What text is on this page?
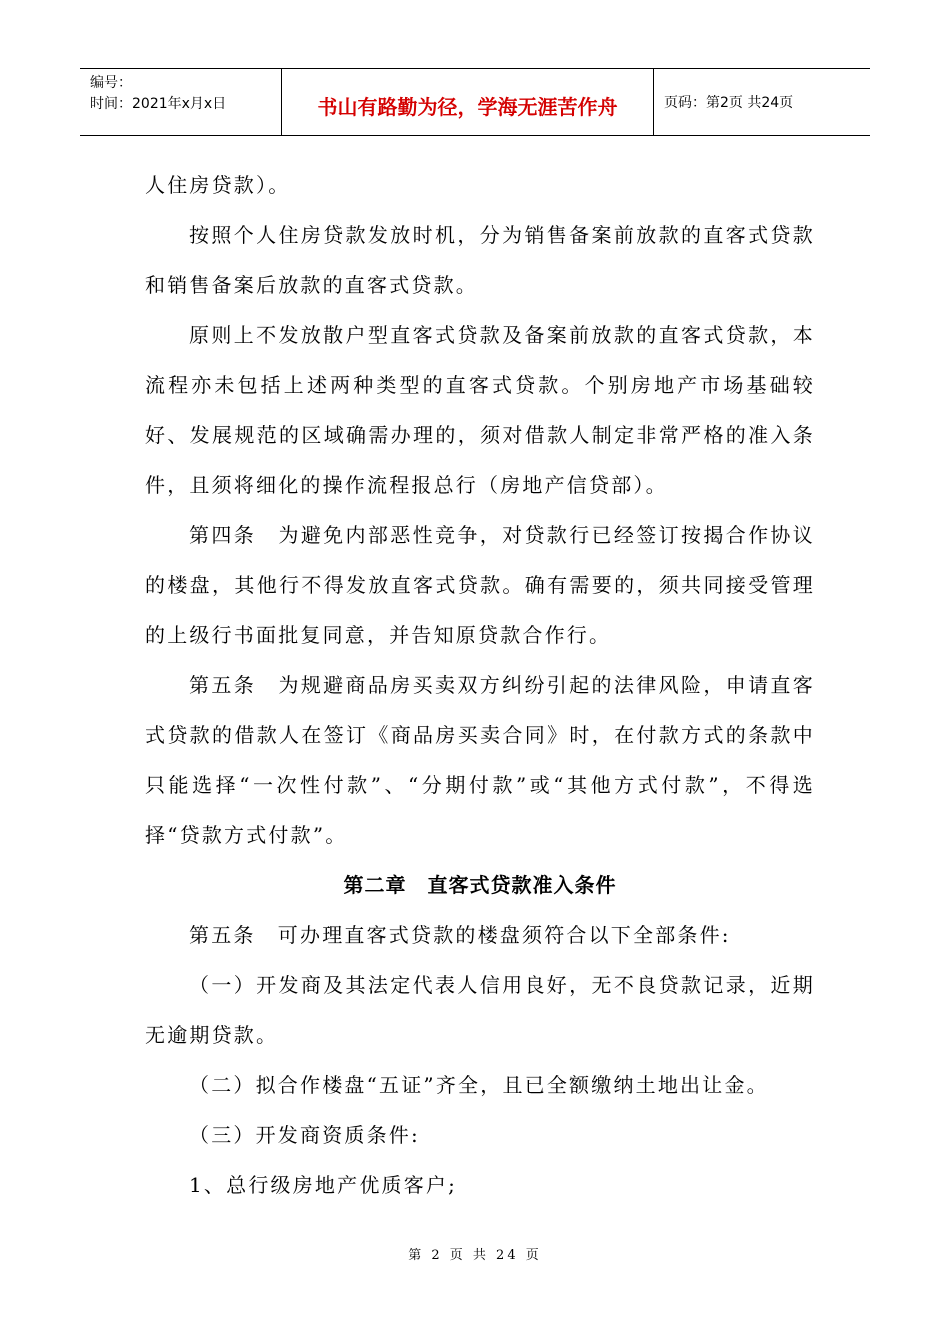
编号：
时间：2021年x月x日	书山有路勤为径，学海无涯苦作舟	页码：第2页 共24页

人住房贷款）。

按照个人住房贷款发放时机，分为销售备案前放款的直客式贷款和销售备案后放款的直客式贷款。

原则上不发放散户型直客式贷款及备案前放款的直客式贷款，本流程亦未包括上述两种类型的直客式贷款。个别房地产市场基础较好、发展规范的区域确需办理的，须对借款人制定非常严格的准入条件，且须将细化的操作流程报总行（房地产信贷部）。

第四条　为避免内部恶性竞争，对贷款行已经签订按揭合作协议的楼盘，其他行不得发放直客式贷款。确有需要的，须共同接受管理的上级行书面批复同意，并告知原贷款合作行。

第五条　为规避商品房买卖双方纠纷引起的法律风险，申请直客式贷款的借款人在签订《商品房买卖合同》时，在付款方式的条款中只能选择“一次性付款”、“分期付款”或“其他方式付款”，不得选择“贷款方式付款”。

第二章　直客式贷款准入条件

第五条　可办理直客式贷款的楼盘须符合以下全部条件:

（一）开发商及其法定代表人信用良好，无不良贷款记录，近期无逾期贷款。

（二）拟合作楼盘“五证”齐全，且已全额缴纳土地出让金。

（三）开发商资质条件:

1、总行级房地产优质客户;

第 2 页 共 24 页
